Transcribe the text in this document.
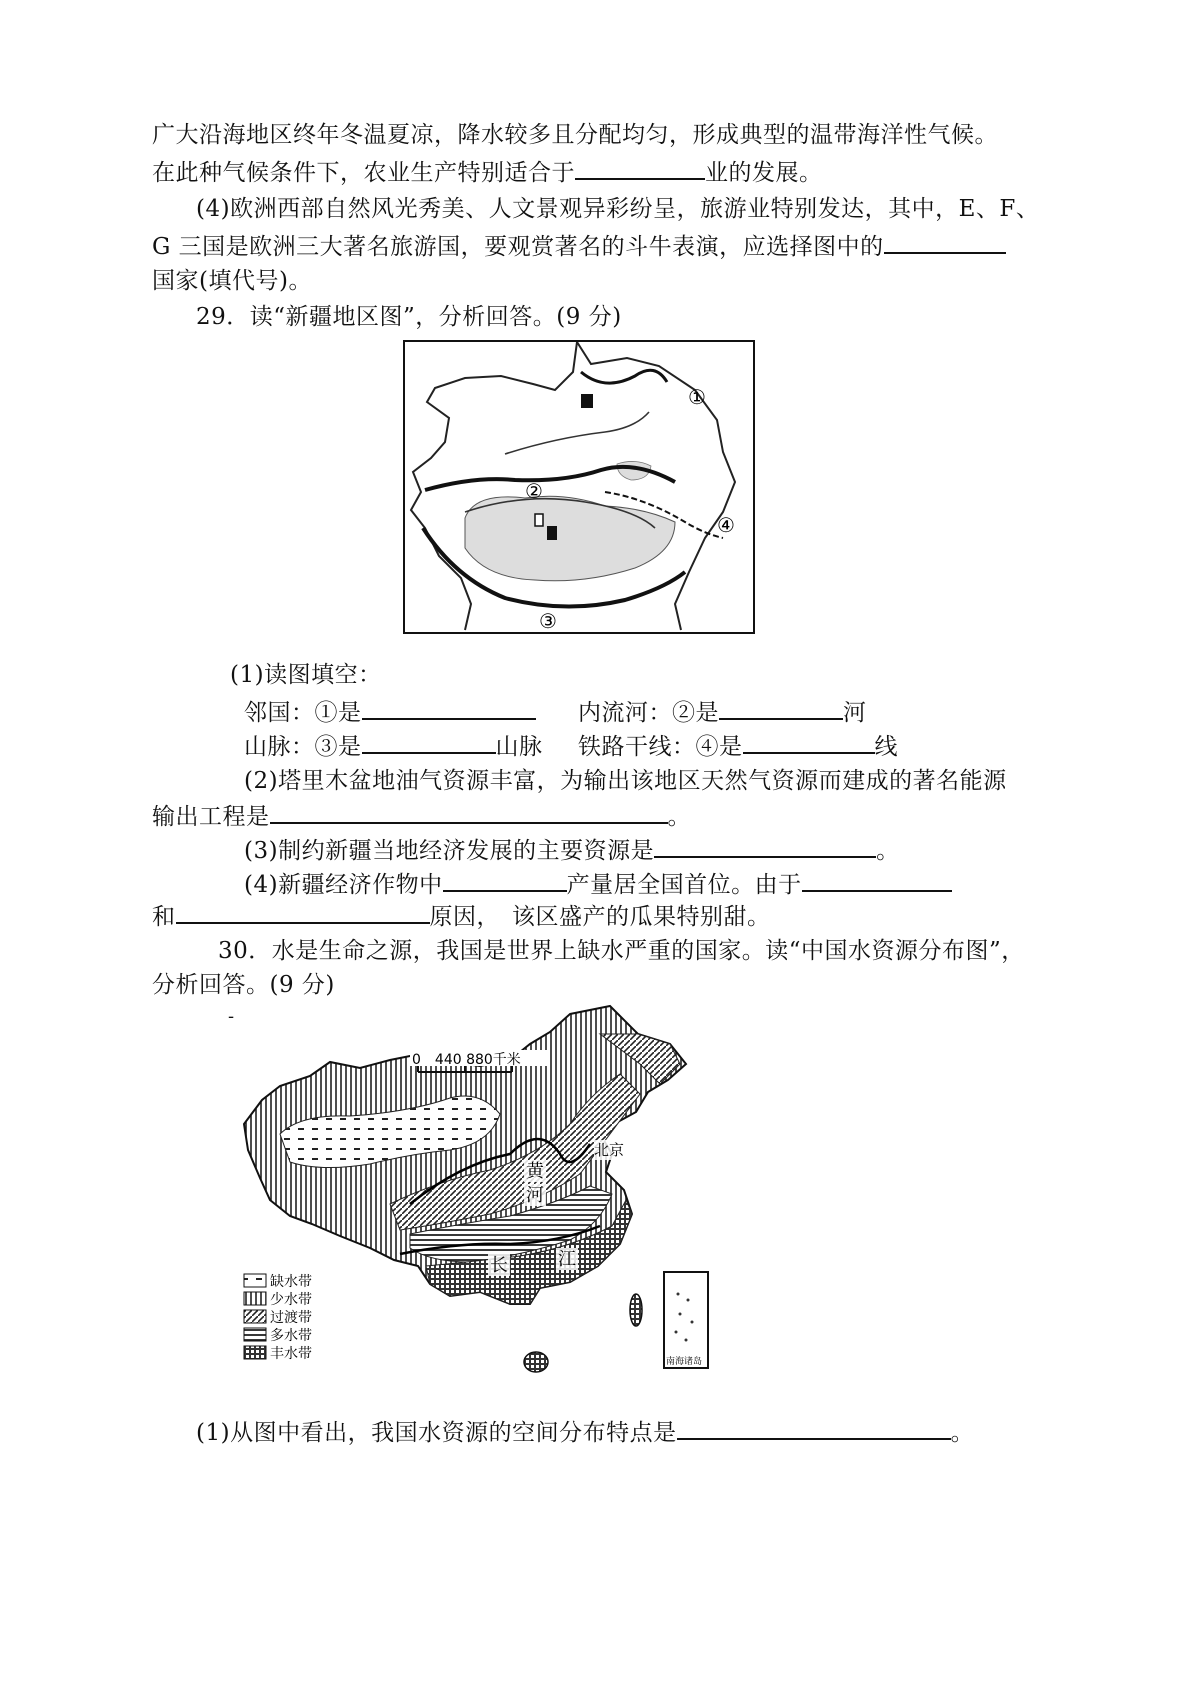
广大沿海地区终年冬温夏凉，降水较多且分配均匀，形成典型的温带海洋性气候。
在此种气候条件下，农业生产特别适合于	业的发展。
(4)欧洲西部自然风光秀美、人文景观异彩纷呈，旅游业特别发达，其中，E、F、
G 三国是欧洲三大著名旅游国，要观赏著名的斗牛表演，应选择图中的
国家(填代号)。
29．读“新疆地区图”，分析回答。(9 分)
①
②
③
④
(1)读图填空：
邻国：①是	内流河：②是	河
山脉：③是	山脉 铁路干线：④是	线
(2)塔里木盆地油气资源丰富，为输出该地区天然气资源而建成的著名能源
输出工程是	。
(3)制约新疆当地经济发展的主要资源是	。
(4)新疆经济作物中	产量居全国首位。由于
和	原因，　该区盛产的瓜果特别甜。
30．水是生命之源，我国是世界上缺水严重的国家。读“中国水资源分布图”，
分析回答。(9 分)
-
0　440 880千米
北京
黄
河
长	江
南海诸岛
缺水带
少水带
过渡带
多水带
丰水带
(1)从图中看出，我国水资源的空间分布特点是	。
